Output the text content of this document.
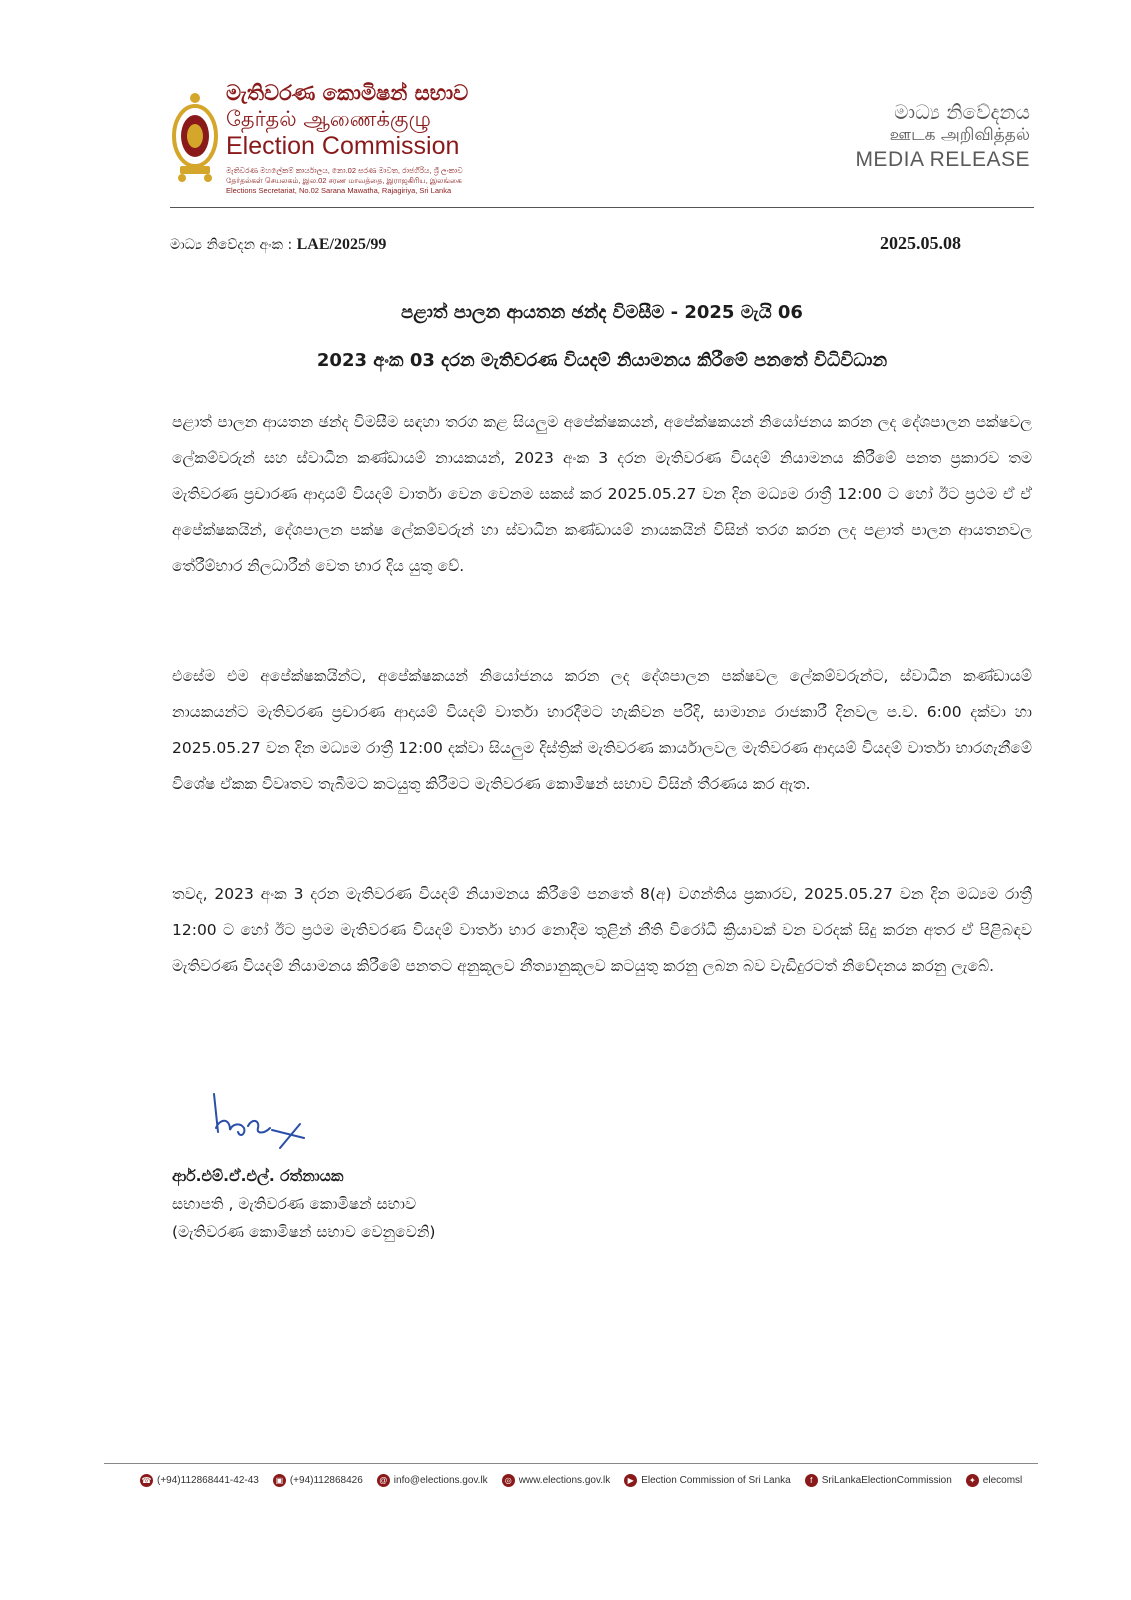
මැතිවරණ කොමිෂන් සභාව
தேர்தல் ஆணைக்குழு
Election Commission
මැතිවරණ මහලේකම් කාර්යාලය, නො.02 සරණ මාවත, රාජගිරිය, ශ්‍රී ලංකාව
தேர்தல்கள் செயலகம், இல.02 சரண மாவத்தை, இராஜகிரிய, இலங்கை
Elections Secretariat, No.02 Sarana Mawatha, Rajagiriya, Sri Lanka
මාධ්‍ය නිවේදනය
ஊடக அறிவித்தல்
MEDIA RELEASE
මාධ්‍ය නිවේදන අංක : LAE/2025/99	2025.05.08
පළාත් පාලන ආයතන ඡන්ද විමසීම - 2025 මැයි 06
2023 අංක 03 දරන මැතිවරණ වියදම් නියාමනය කිරීමේ පනතේ විධිවිධාන
පළාත් පාලන ආයතන ඡන්ද විමසීම සඳහා තරග කළ සියලුම අපේක්ෂකයන්, අපේක්ෂකයන් නියෝජනය කරන ලද දේශපාලන පක්ෂවල ලේකම්වරුන් සහ ස්වාධීන කණ්ඩායම් නායකයන්, 2023 අංක 3 දරන මැතිවරණ වියදම් නියාමනය කිරීමේ පනත ප්‍රකාරව තම මැතිවරණ ප්‍රචාරණ ආදායම් වියදම් වාර්තා වෙන වෙනම සකස් කර 2025.05.27 වන දින මධ්‍යම රාත්‍රී 12:00 ට හෝ ඊට ප්‍රථම ඒ ඒ අපේක්ෂකයින්, දේශපාලන පක්ෂ ලේකම්වරුන් හා ස්වාධීන කණ්ඩායම් නායකයින් විසින් තරග කරන ලද පළාත් පාලන ආයතනවල තේරීම්භාර නිලධාරීන් වෙත භාර දිය යුතු වේ.
එසේම එම අපේක්ෂකයින්ට, අපේක්ෂකයන් නියෝජනය කරන ලද දේශපාලන පක්ෂවල ලේකම්වරුන්ට, ස්වාධීන කණ්ඩායම් නායකයන්ට මැතිවරණ ප්‍රචාරණ ආදායම් වියදම් වාර්තා භාරදීමට හැකිවන පරිදි, සාමාන්‍ය රාජකාරී දිනවල ප.ව. 6:00 දක්වා හා 2025.05.27 වන දින මධ්‍යම රාත්‍රී 12:00 දක්වා සියලුම දිස්ත්‍රික් මැතිවරණ කාර්යාලවල මැතිවරණ ආදායම් වියදම් වාර්තා භාරගැනීමේ විශේෂ ඒකක විවෘතව තැබීමට කටයුතු කිරීමට මැතිවරණ කොමිෂන් සභාව විසින් තීරණය කර ඇත.
තවද, 2023 අංක 3 දරන මැතිවරණ වියදම් නියාමනය කිරීමේ පනතේ 8(අ) වගන්තිය ප්‍රකාරව, 2025.05.27 වන දින මධ්‍යම රාත්‍රී 12:00 ට හෝ ඊට ප්‍රථම මැතිවරණ වියදම් වාර්තා භාර නොදීම තුළින් නීති විරෝධී ක්‍රියාවක් වන වරදක් සිදු කරන අතර ඒ පිළිබඳව මැතිවරණ වියදම් නියාමනය කිරීමේ පනතට අනුකූලව නීත්‍යානුකූලව කටයුතු කරනු ලබන බව වැඩිදුරටත් නිවේදනය කරනු ලැබේ.
ආර්.එම්.ඒ.එල්. රත්නායක
සභාපති , මැතිවරණ කොමිෂන් සභාව
(මැතිවරණ කොමිෂන් සභාව වෙනුවෙනි)
☎ (+94)112868441-42-43	▣ (+94)112868426	@ info@elections.gov.lk	◎ www.elections.gov.lk	▶ Election Commission of Sri Lanka	f SriLankaElectionCommission	✦ elecomsl
